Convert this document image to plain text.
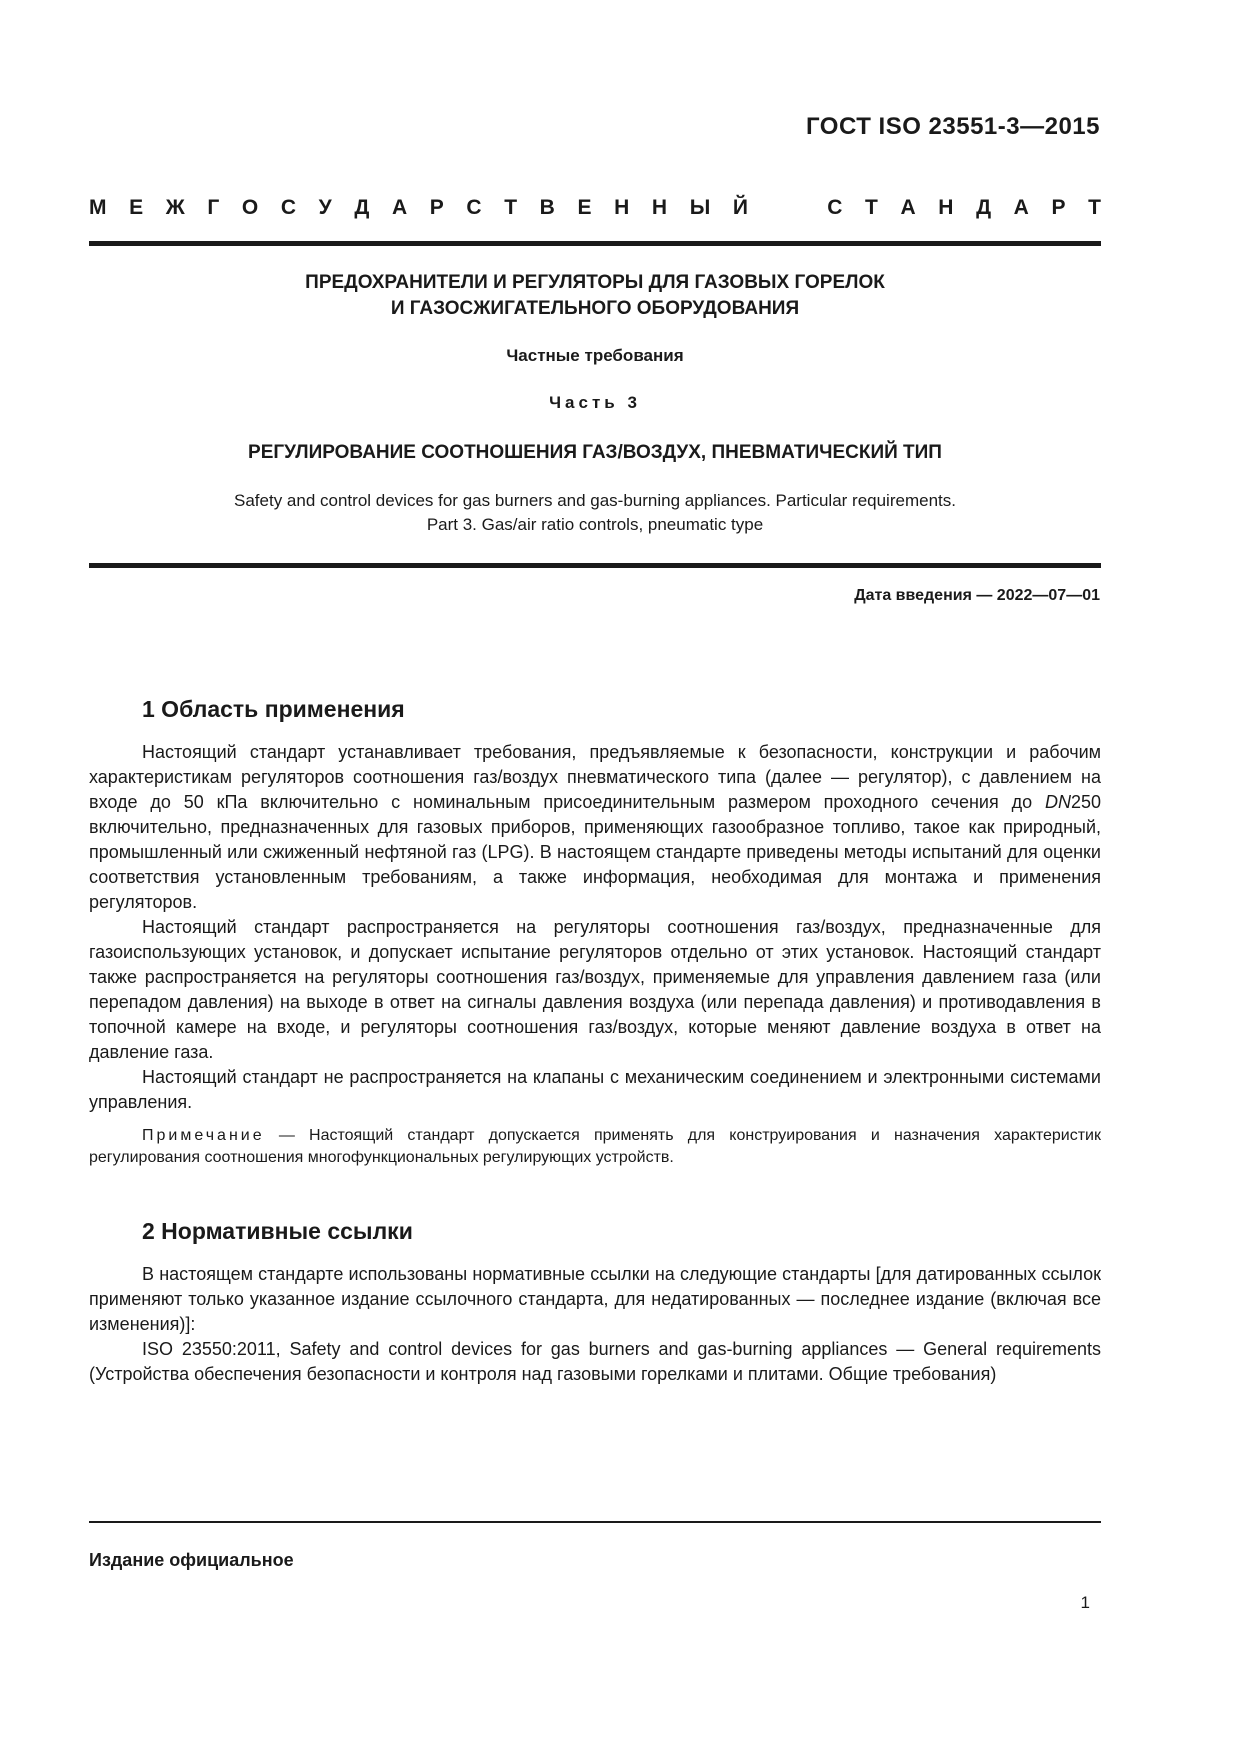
ГОСТ ISO 23551-3—2015
М Е Ж Г О С У Д А Р С Т В Е Н Н Ы Й	С Т А Н Д А Р Т
ПРЕДОХРАНИТЕЛИ И РЕГУЛЯТОРЫ ДЛЯ ГАЗОВЫХ ГОРЕЛОК
И ГАЗОСЖИГАТЕЛЬНОГО ОБОРУДОВАНИЯ
Частные требования
Часть 3
РЕГУЛИРОВАНИЕ СООТНОШЕНИЯ ГАЗ/ВОЗДУХ, ПНЕВМАТИЧЕСКИЙ ТИП
Safety and control devices for gas burners and gas-burning appliances. Particular requirements.
Part 3. Gas/air ratio controls, pneumatic type
Дата введения — 2022—07—01
1 Область применения

Настоящий стандарт устанавливает требования, предъявляемые к безопасности, конструкции и рабочим характеристикам регуляторов соотношения газ/воздух пневматического типа (далее — регулятор), с давлением на входе до 50 кПа включительно с номинальным присоединительным размером проходного сечения до DN250 включительно, предназначенных для газовых приборов, применяющих газообразное топливо, такое как природный, промышленный или сжиженный нефтяной газ (LPG). В настоящем стандарте приведены методы испытаний для оценки соответствия установленным требованиям, а также информация, необходимая для монтажа и применения регуляторов.

Настоящий стандарт распространяется на регуляторы соотношения газ/воздух, предназначенные для газоиспользующих установок, и допускает испытание регуляторов отдельно от этих установок. Настоящий стандарт также распространяется на регуляторы соотношения газ/воздух, применяемые для управления давлением газа (или перепадом давления) на выходе в ответ на сигналы давления воздуха (или перепада давления) и противодавления в топочной камере на входе, и регуляторы соотношения газ/воздух, которые меняют давление воздуха в ответ на давление газа.

Настоящий стандарт не распространяется на клапаны с механическим соединением и электронными системами управления.

Примечание — Настоящий стандарт допускается применять для конструирования и назначения характеристик регулирования соотношения многофункциональных регулирующих устройств.
2 Нормативные ссылки

В настоящем стандарте использованы нормативные ссылки на следующие стандарты [для датированных ссылок применяют только указанное издание ссылочного стандарта, для недатированных — последнее издание (включая все изменения)]:

ISO 23550:2011, Safety and control devices for gas burners and gas-burning appliances — General requirements (Устройства обеспечения безопасности и контроля над газовыми горелками и плитами. Общие требования)

Издание официальное
1
